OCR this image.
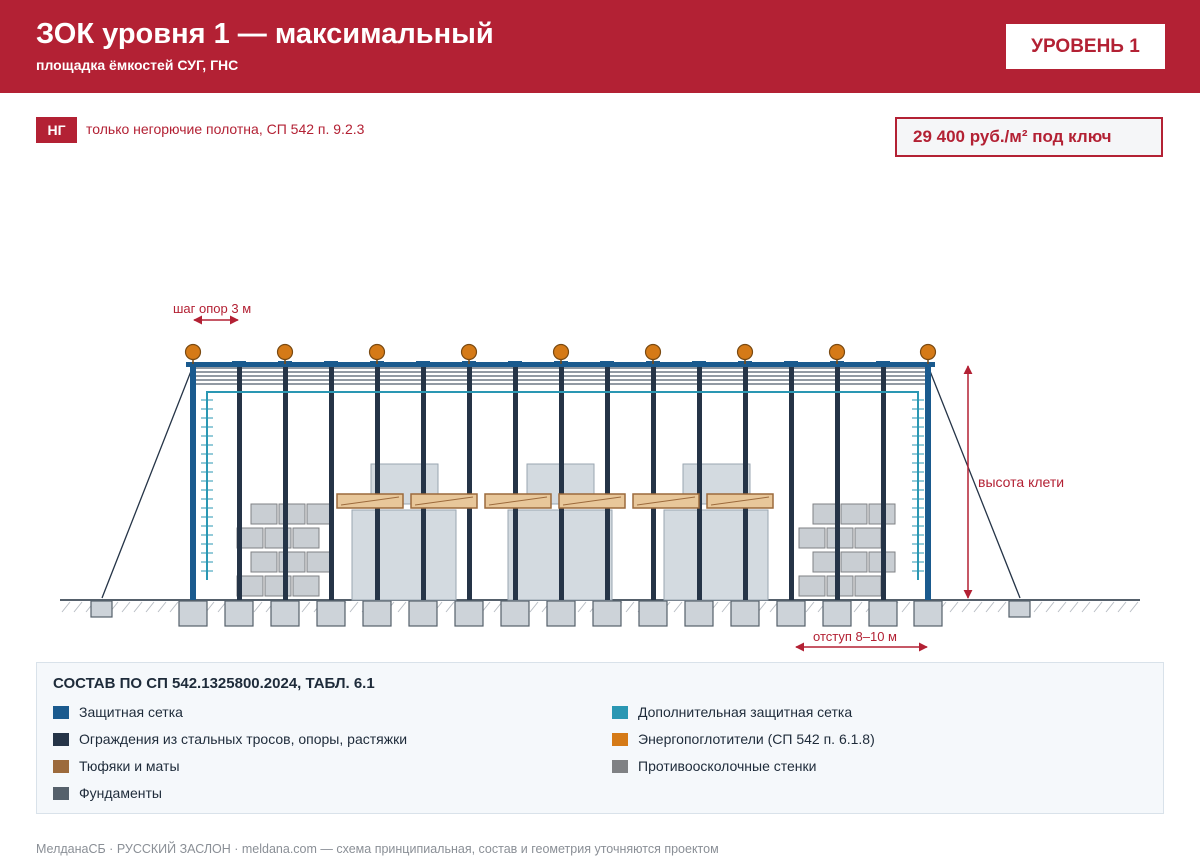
ЗОК уровня 1 — максимальный
площадка ёмкостей СУГ, ГНС
УРОВЕНЬ 1
НГ	только негорючие полотна, СП 542 п. 9.2.3	29 400 руб./м² под ключ
шаг опор 3 м
высота клети
отступ 8–10 м
СОСТАВ ПО СП 542.1325800.2024, ТАБЛ. 6.1
Защитная сетка	Дополнительная защитная сетка
Ограждения из стальных тросов, опоры, растяжки	Энергопоглотители (СП 542 п. 6.1.8)
Тюфяки и маты	Противоосколочные стенки
Фундаменты
МелданаСБ · РУССКИЙ ЗАСЛОН · meldana.com — схема принципиальная, состав и геометрия уточняются проектом
